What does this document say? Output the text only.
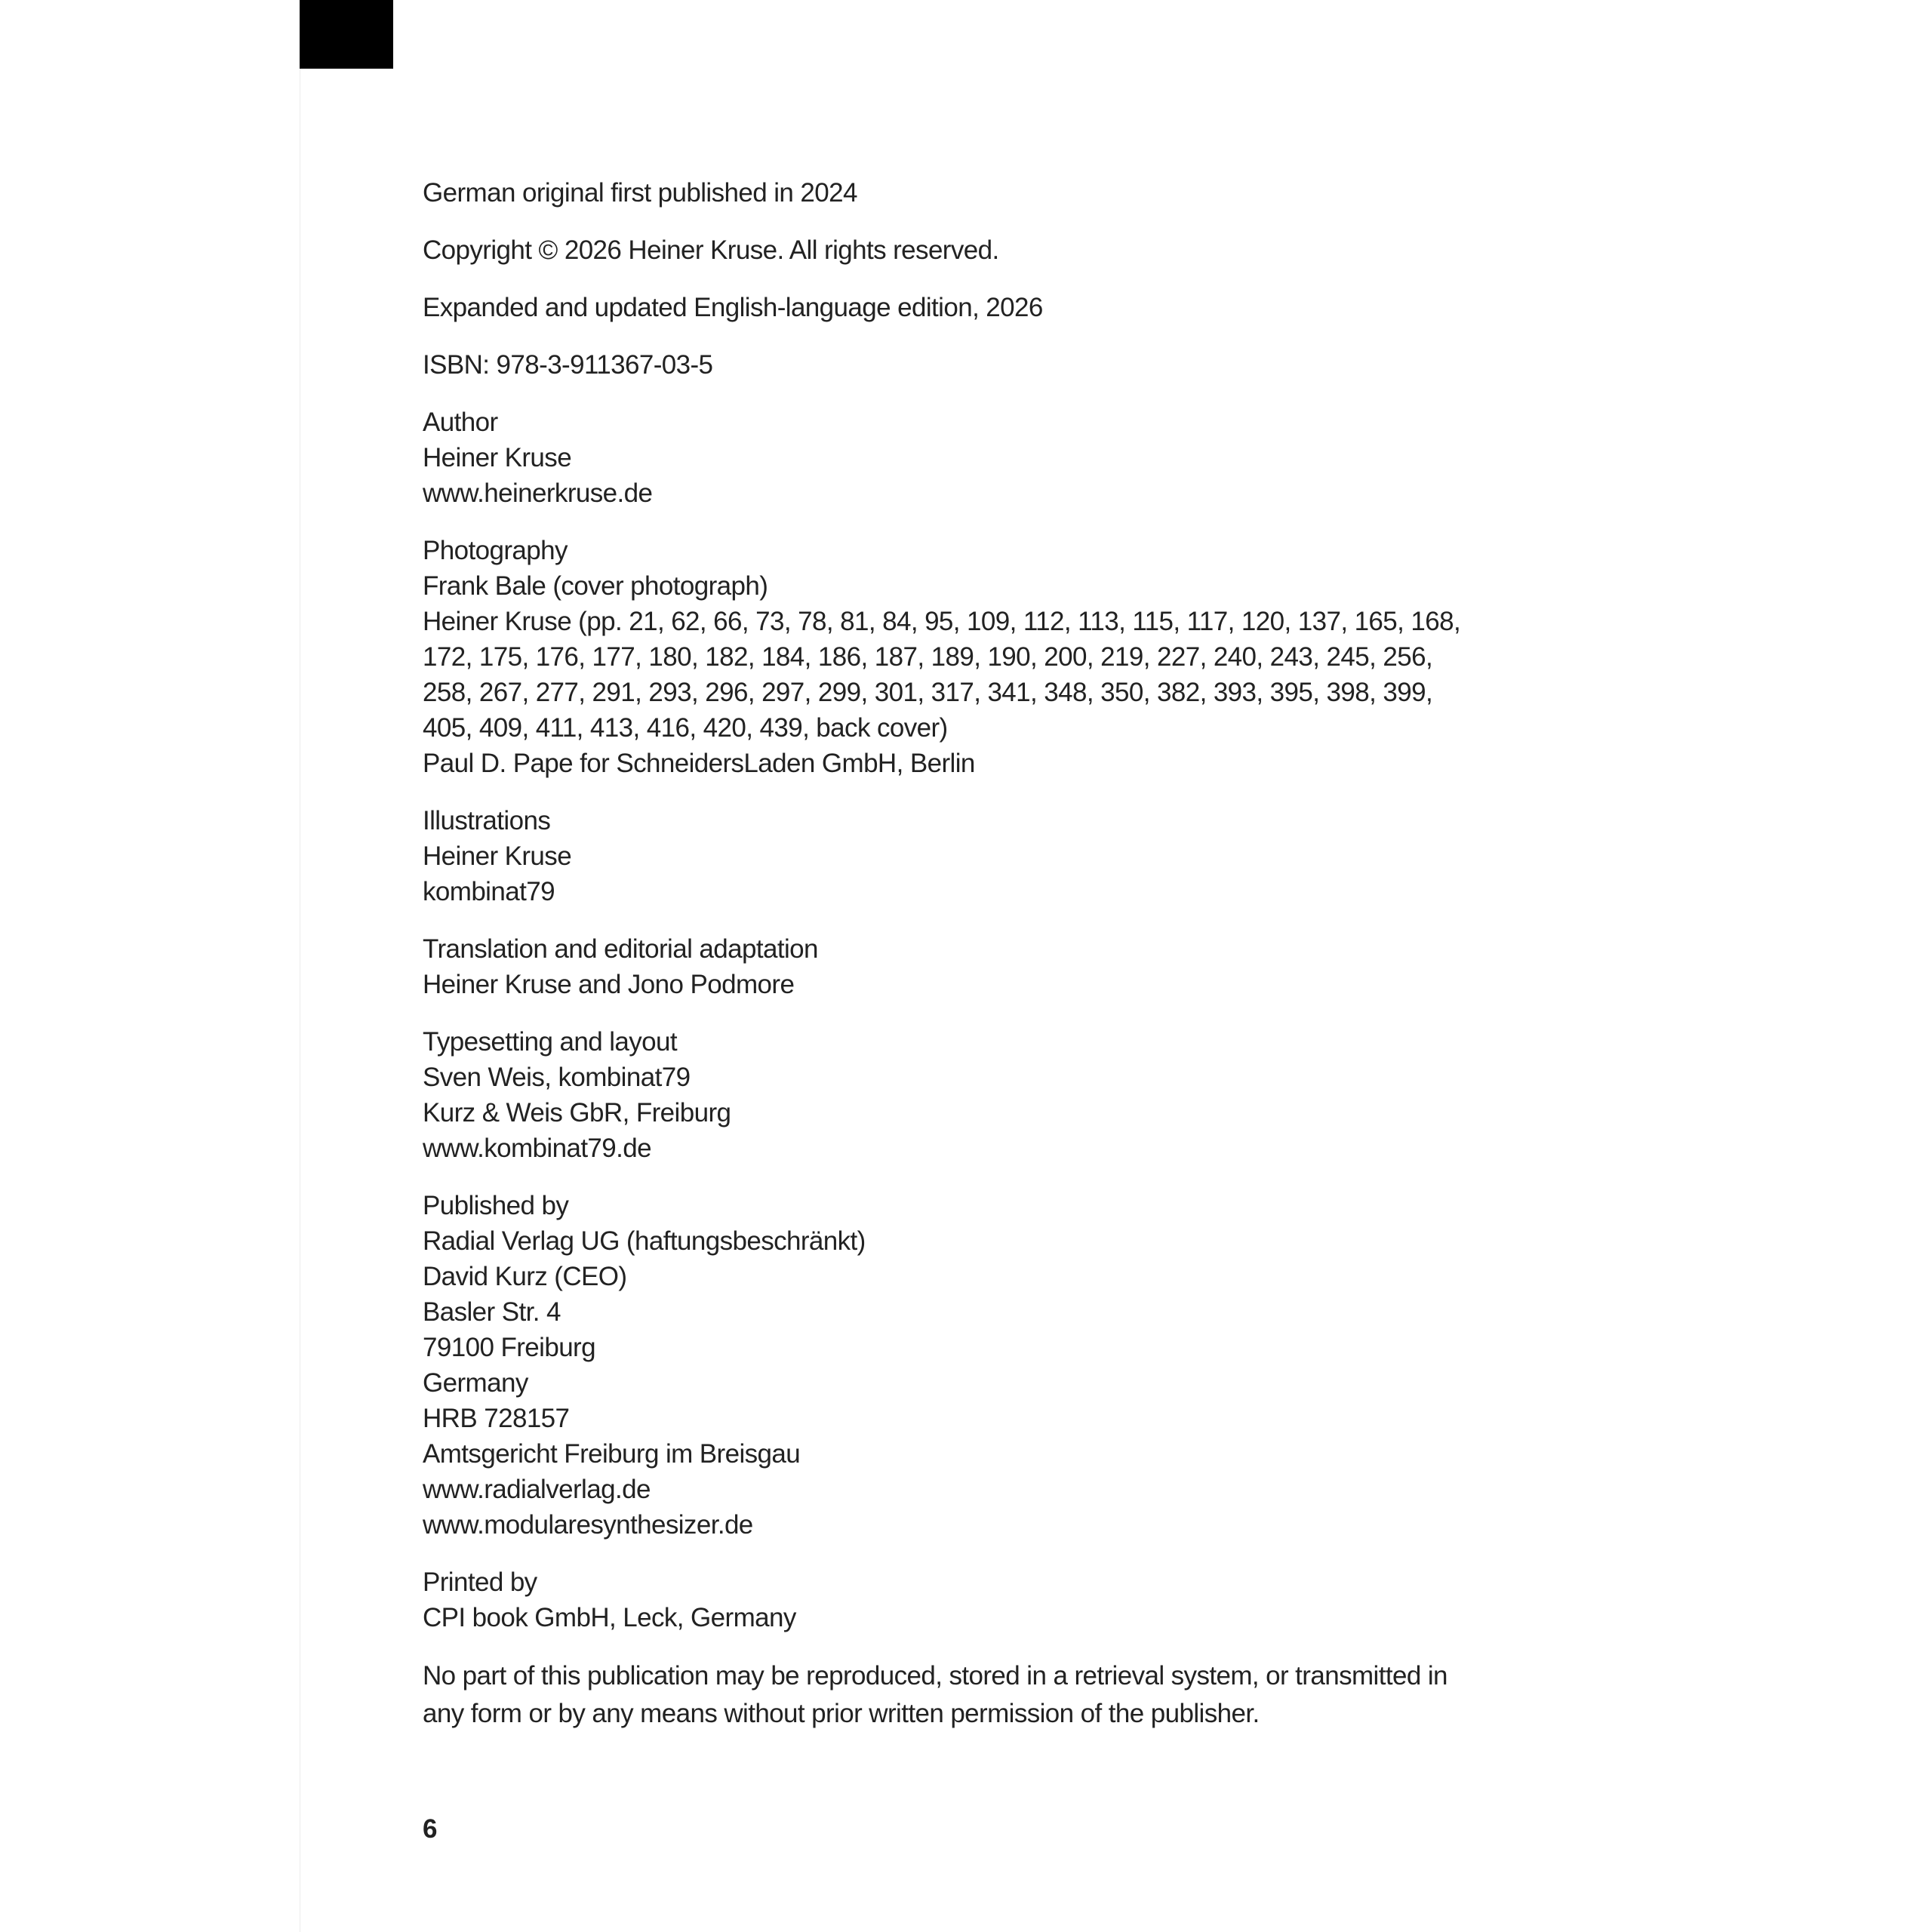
German original first published in 2024

Copyright © 2026 Heiner Kruse. All rights reserved.

Expanded and updated English-language edition, 2026

ISBN: 978-3-911367-03-5

Author
Heiner Kruse
www.heinerkruse.de
Photography
Frank Bale (cover photograph)
Heiner Kruse (pp. 21, 62, 66, 73, 78, 81, 84, 95, 109, 112, 113, 115, 117, 120, 137, 165, 168,
172, 175, 176, 177, 180, 182, 184, 186, 187, 189, 190, 200, 219, 227, 240, 243, 245, 256,
258, 267, 277, 291, 293, 296, 297, 299, 301, 317, 341, 348, 350, 382, 393, 395, 398, 399,
405, 409, 411, 413, 416, 420, 439, back cover)
Paul D. Pape for SchneidersLaden GmbH, Berlin
Illustrations
Heiner Kruse
kombinat79
Translation and editorial adaptation
Heiner Kruse and Jono Podmore
Typesetting and layout
Sven Weis, kombinat79
Kurz & Weis GbR, Freiburg
www.kombinat79.de
Published by
Radial Verlag UG (haftungsbeschränkt)
David Kurz (CEO)
Basler Str. 4
79100 Freiburg
Germany
HRB 728157
Amtsgericht Freiburg im Breisgau
www.radialverlag.de
www.modularesynthesizer.de
Printed by
CPI book GmbH, Leck, Germany
No part of this publication may be reproduced, stored in a retrieval system, or transmitted in
any form or by any means without prior written permission of the publisher.
6
